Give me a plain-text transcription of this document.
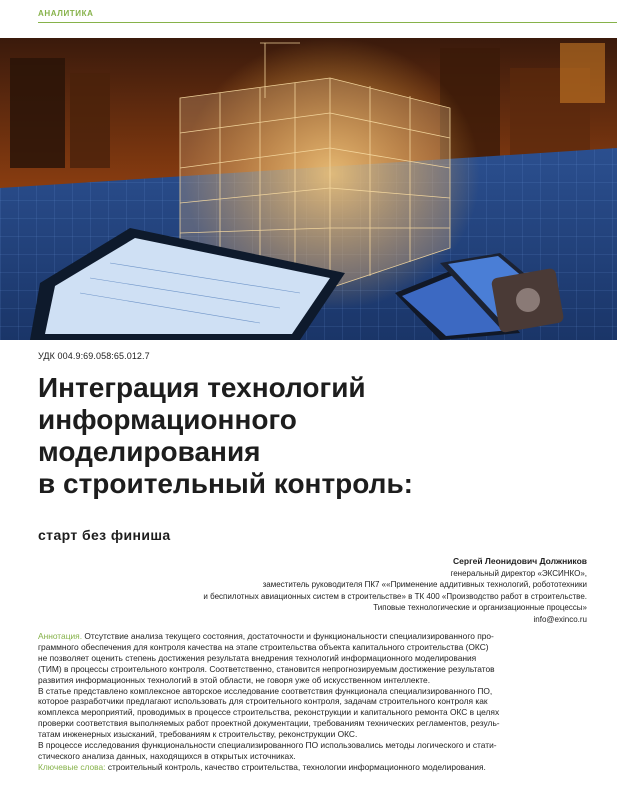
АНАЛИТИКА
УДК 004.9:69.058:65.012.7
Интеграция технологий
информационного
моделирования
в строительный контроль:
старт без финиша
Сергей Леонидович Должников
генеральный директор «ЭКСИНКО»,
заместитель руководителя ПК7 ««Применение аддитивных технологий, робототехники
и беспилотных авиационных систем в строительстве» в ТК 400 «Производство работ в строительстве.
Типовые технологические и организационные процессы»
info@exinco.ru
Аннотация. Отсутствие анализа текущего состояния, достаточности и функциональности специализированного про-
граммного обеспечения для контроля качества на этапе строительства объекта капитального строительства (ОКС)
не позволяет оценить степень достижения результата внедрения технологий информационного моделирования
(ТИМ) в процессы строительного контроля. Соответственно, становится непрогнозируемым достижение результатов
развития информационных технологий в этой области, не говоря уже об искусственном интеллекте.
В статье представлено комплексное авторское исследование соответствия функционала специализированного ПО,
которое разработчики предлагают использовать для строительного контроля, задачам строительного контроля как
комплекса мероприятий, проводимых в процессе строительства, реконструкции и капитального ремонта ОКС в целях
проверки соответствия выполняемых работ проектной документации, требованиям технических регламентов, резуль-
татам инженерных изысканий, требованиям к строительству, реконструкции ОКС.
В процессе исследования функциональности специализированного ПО использовались методы логического и стати-
стического анализа данных, находящихся в открытых источниках.
Ключевые слова: строительный контроль, качество строительства, технологии информационного моделирования.
